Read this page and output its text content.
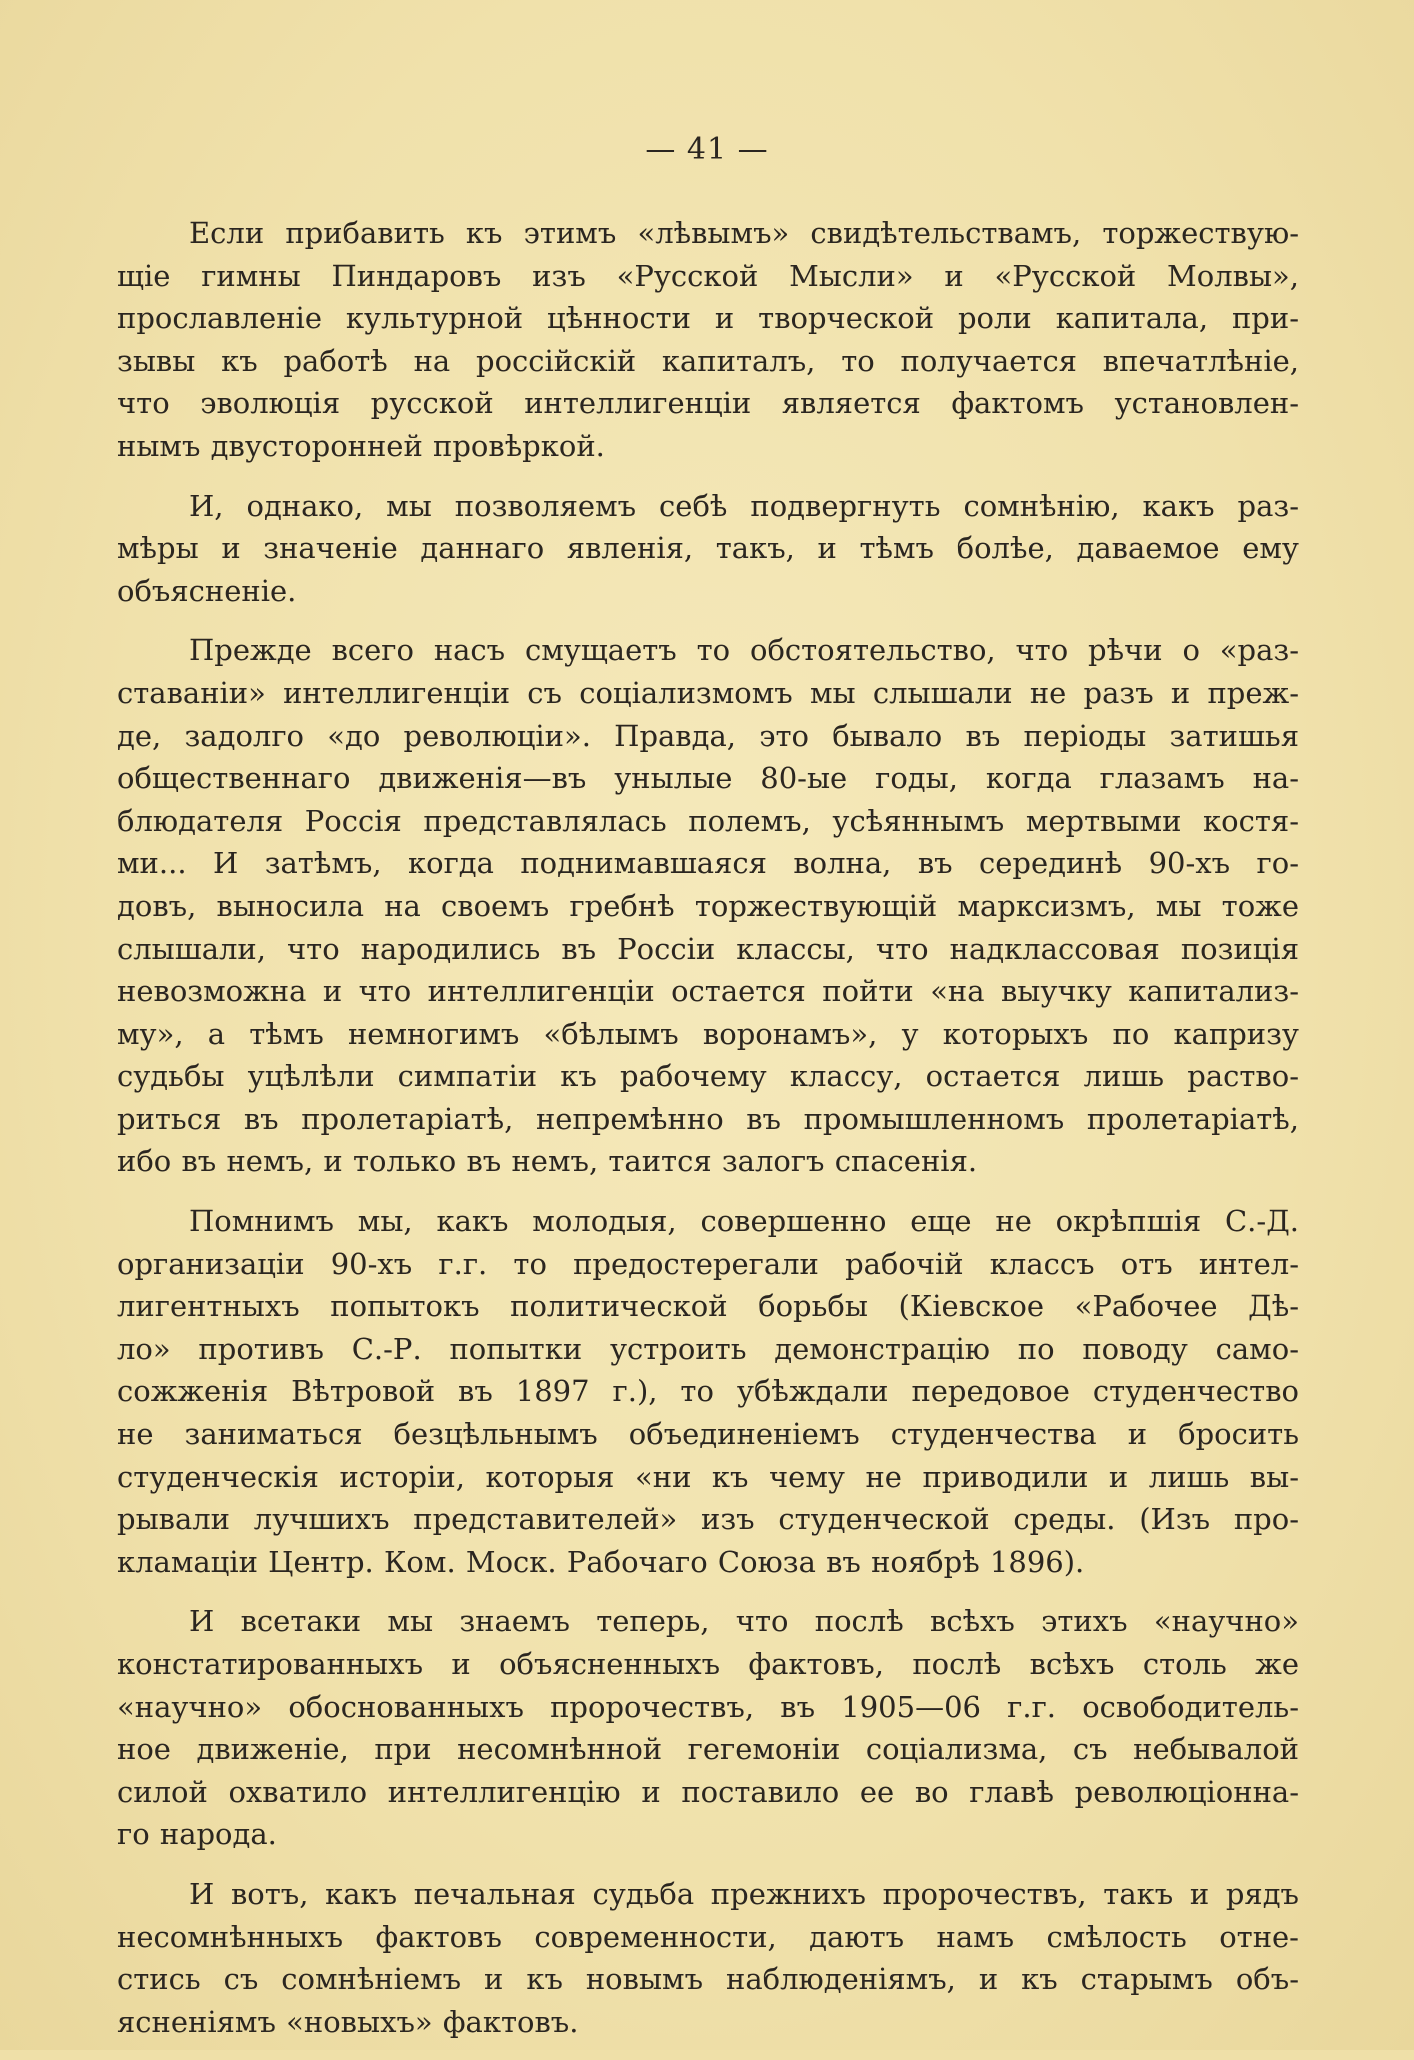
— 41 —

Если прибавить къ этимъ «лѣвымъ» свидѣтельствамъ, торжествую-
щіе гимны Пиндаровъ изъ «Русской Мысли» и «Русской Молвы»,
прославленіе культурной цѣнности и творческой роли капитала, при-
зывы къ работѣ на россійскій капиталъ, то получается впечатлѣніе,
что эволюція русской интеллигенціи является фактомъ установлен-
нымъ двусторонней провѣркой.

И, однако, мы позволяемъ себѣ подвергнуть сомнѣнію, какъ раз-
мѣры и значеніе даннаго явленія, такъ, и тѣмъ болѣе, даваемое ему
объясненіе.

Прежде всего насъ смущаетъ то обстоятельство, что рѣчи о «раз-
ставаніи» интеллигенціи съ соціализмомъ мы слышали не разъ и преж-
де, задолго «до революціи». Правда, это бывало въ періоды затишья
общественнаго движенія—въ унылые 80-ые годы, когда глазамъ на-
блюдателя Россія представлялась полемъ, усѣяннымъ мертвыми костя-
ми... И затѣмъ, когда поднимавшаяся волна, въ серединѣ 90-хъ го-
довъ, выносила на своемъ гребнѣ торжествующій марксизмъ, мы тоже
слышали, что народились въ Россіи классы, что надклассовая позиція
невозможна и что интеллигенціи остается пойти «на выучку капитализ-
му», а тѣмъ немногимъ «бѣлымъ воронамъ», у которыхъ по капризу
судьбы уцѣлѣли симпатіи къ рабочему классу, остается лишь раство-
риться въ пролетаріатѣ, непремѣнно въ промышленномъ пролетаріатѣ,
ибо въ немъ, и только въ немъ, таится залогъ спасенія.

Помнимъ мы, какъ молодыя, совершенно еще не окрѣпшія С.-Д.
организаціи 90-хъ г.г. то предостерегали рабочій классъ отъ интел-
лигентныхъ попытокъ политической борьбы (Кіевское «Рабочее Дѣ-
ло» противъ С.-Р. попытки устроить демонстрацію по поводу само-
сожженія Вѣтровой въ 1897 г.), то убѣждали передовое студенчество
не заниматься безцѣльнымъ объединеніемъ студенчества и бросить
студенческія исторіи, которыя «ни къ чему не приводили и лишь вы-
рывали лучшихъ представителей» изъ студенческой среды. (Изъ про-
кламаціи Центр. Ком. Моск. Рабочаго Союза въ ноябрѣ 1896).

И всетаки мы знаемъ теперь, что послѣ всѣхъ этихъ «научно»
констатированныхъ и объясненныхъ фактовъ, послѣ всѣхъ столь же
«научно» обоснованныхъ пророчествъ, въ 1905—06 г.г. освободитель-
ное движеніе, при несомнѣнной гегемоніи соціализма, съ небывалой
силой охватило интеллигенцію и поставило ее во главѣ революціонна-
го народа.

И вотъ, какъ печальная судьба прежнихъ пророчествъ, такъ и рядъ
несомнѣнныхъ фактовъ современности, даютъ намъ смѣлость отне-
стись съ сомнѣніемъ и къ новымъ наблюденіямъ, и къ старымъ объ-
ясненіямъ «новыхъ» фактовъ.
